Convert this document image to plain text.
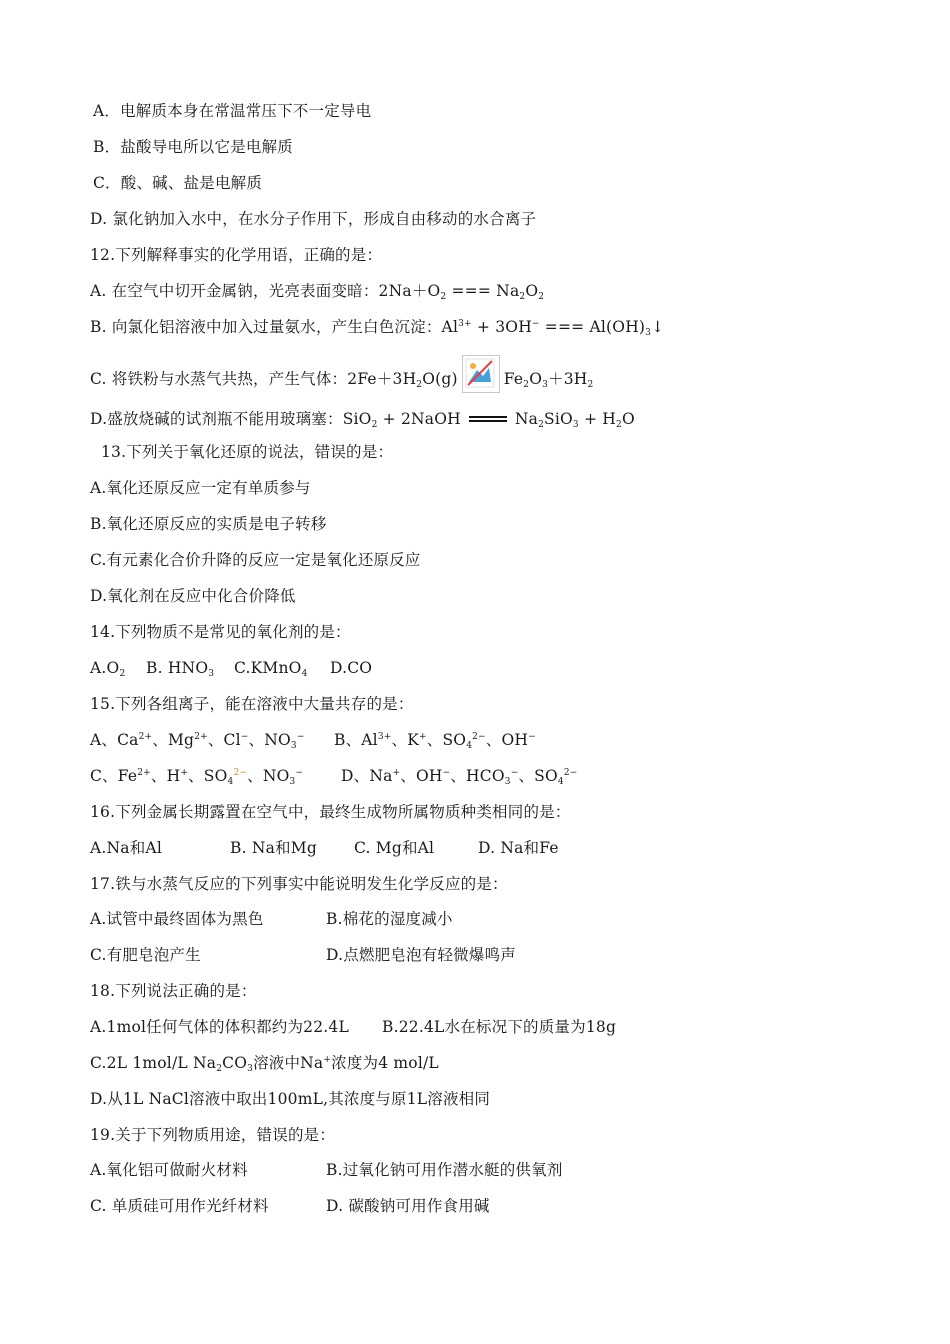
A．电解质本身在常温常压下不一定导电
B．盐酸导电所以它是电解质
C．酸、碱、盐是电解质
D. 氯化钠加入水中，在水分子作用下，形成自由移动的水合离子
12.下列解释事实的化学用语，正确的是：
A. 在空气中切开金属钠，光亮表面变暗：$2Na+O_2$ === $Na_2O_2$
B. 向氯化铝溶液中加入过量氨水，产生白色沉淀：$Al^{3+} + 3OH^-$ === $Al(OH)_3↓$
C. 将铁粉与水蒸气共热，产生气体：$2Fe+3H_2O(g)$	$Fe_2O_3+3H_2$
D.盛放烧碱的试剂瓶不能用玻璃塞：SiO$_2$ + 2NaOH	$Na_2SiO_3 + H_2O$
13.下列关于氧化还原的说法，错误的是：
A.氧化还原反应一定有单质参与
B.氧化还原反应的实质是电子转移
C.有元素化合价升降的反应一定是氧化还原反应
D.氧化剂在反应中化合价降低
14.下列物质不是常见的氧化剂的是：
$A.O_2$ B. $HNO_3$ C.KMnO$_4$ D.CO
15.下列各组离子，能在溶液中大量共存的是：
A、$Ca^{2+}$、$Mg^{2+}$、Cl−、$NO_3^-$ B、$Al^{3+}$、K+、$SO_4^{2-}$、OH−
C、$Fe^{2+}$、H+、$SO_4^{2-}$、$NO_3^-$ D、Na+、OH−、$HCO_3^-$、$SO_4^{2-}$
16.下列金属长期露置在空气中，最终生成物所属物质种类相同的是：
A.Na和Al	B. Na和Mg C. Mg和Al	D. Na和Fe
17.铁与水蒸气反应的下列事实中能说明发生化学反应的是：
A.试管中最终固体为黑色	B.棉花的湿度减小
C.有肥皂泡产生	D.点燃肥皂泡有轻微爆鸣声
18.下列说法正确的是：
A.1mol任何气体的体积都约为22.4L B.22.4L水在标况下的质量为18g
C.2L 1mol/L $Na_2CO_3$溶液中Na+浓度为4 mol/L
D.从1L NaCl溶液中取出100mL,其浓度与原1L溶液相同
19.关于下列物质用途，错误的是：
A.氧化铝可做耐火材料	B.过氧化钠可用作潜水艇的供氧剂
C. 单质硅可用作光纤材料	D. 碳酸钠可用作食用碱
